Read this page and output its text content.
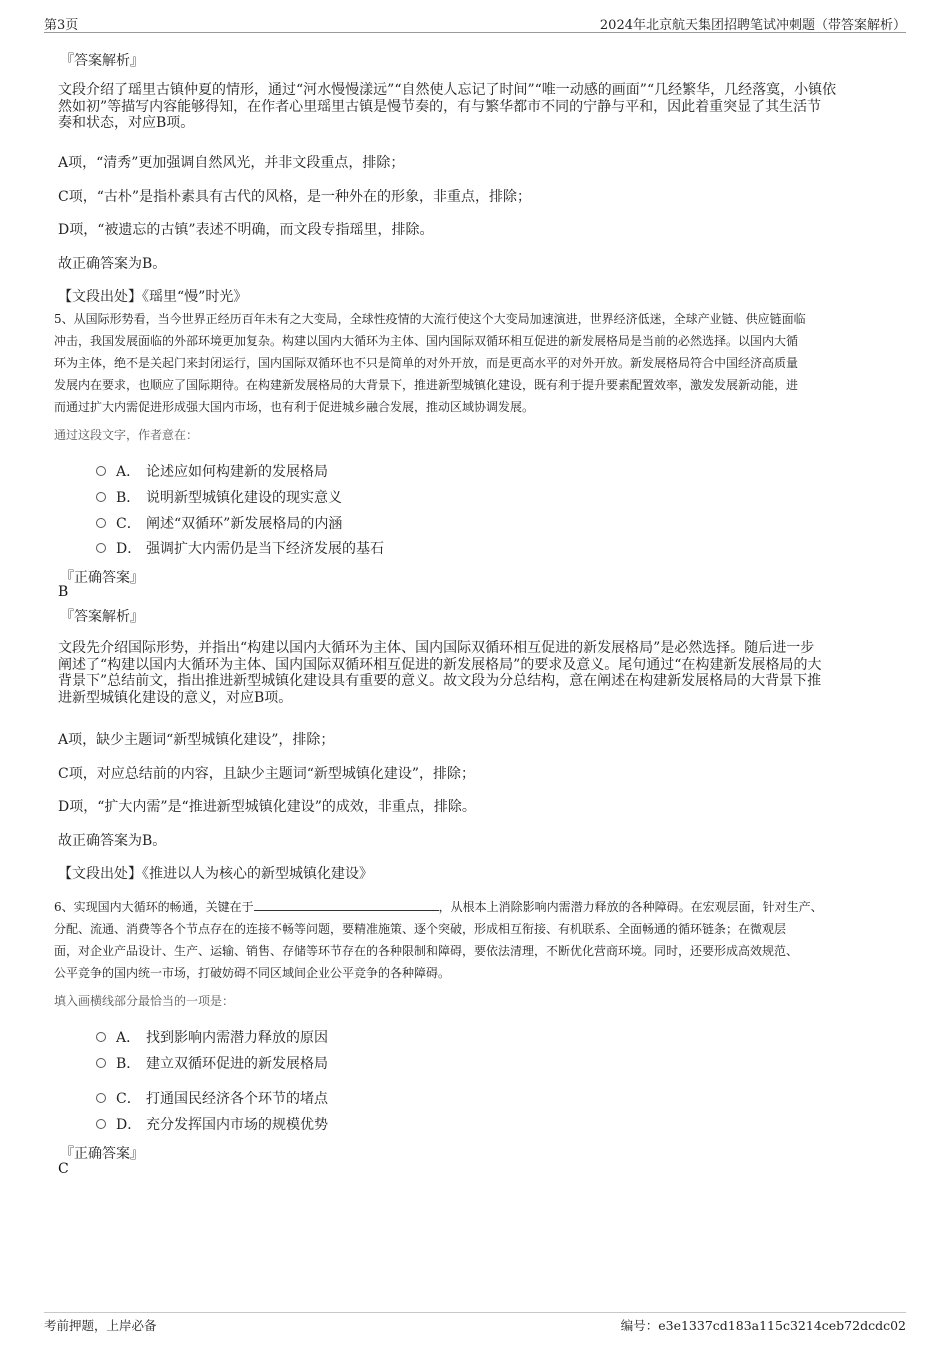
第3页	2024年北京航天集团招聘笔试冲刺题（带答案解析）
『答案解析』
文段介绍了瑶里古镇仲夏的情形，通过“河水慢慢漾远”“自然使人忘记了时间”“唯一动感的画面”“几经繁华，几经落寞，小镇依
然如初”等描写内容能够得知，在作者心里瑶里古镇是慢节奏的，有与繁华都市不同的宁静与平和，因此着重突显了其生活节
奏和状态，对应B项。
A项，“清秀”更加强调自然风光，并非文段重点，排除；
C项，“古朴”是指朴素具有古代的风格，是一种外在的形象，非重点，排除；
D项，“被遗忘的古镇”表述不明确，而文段专指瑶里，排除。
故正确答案为B。
【文段出处】《瑶里“慢”时光》
5、从国际形势看，当今世界正经历百年未有之大变局，全球性疫情的大流行使这个大变局加速演进，世界经济低迷，全球产业链、供应链面临
冲击，我国发展面临的外部环境更加复杂。构建以国内大循环为主体、国内国际双循环相互促进的新发展格局是当前的必然选择。以国内大循
环为主体，绝不是关起门来封闭运行，国内国际双循环也不只是简单的对外开放，而是更高水平的对外开放。新发展格局符合中国经济高质量
发展内在要求，也顺应了国际期待。在构建新发展格局的大背景下，推进新型城镇化建设，既有利于提升要素配置效率，激发发展新动能，进
而通过扩大内需促进形成强大国内市场，也有利于促进城乡融合发展，推动区域协调发展。
通过这段文字，作者意在：
A． 论述应如何构建新的发展格局
B． 说明新型城镇化建设的现实意义
C． 阐述“双循环”新发展格局的内涵
D． 强调扩大内需仍是当下经济发展的基石
『正确答案』
B
『答案解析』
文段先介绍国际形势，并指出“构建以国内大循环为主体、国内国际双循环相互促进的新发展格局”是必然选择。随后进一步
阐述了“构建以国内大循环为主体、国内国际双循环相互促进的新发展格局”的要求及意义。尾句通过“在构建新发展格局的大
背景下”总结前文，指出推进新型城镇化建设具有重要的意义。故文段为分总结构，意在阐述在构建新发展格局的大背景下推
进新型城镇化建设的意义，对应B项。
A项，缺少主题词“新型城镇化建设”，排除；
C项，对应总结前的内容，且缺少主题词“新型城镇化建设”，排除；
D项，“扩大内需”是“推进新型城镇化建设”的成效，非重点，排除。
故正确答案为B。
【文段出处】《推进以人为核心的新型城镇化建设》
6、实现国内大循环的畅通，关键在于	，从根本上消除影响内需潜力释放的各种障碍。在宏观层面，针对生产、
分配、流通、消费等各个节点存在的连接不畅等问题，要精准施策、逐个突破，形成相互衔接、有机联系、全面畅通的循环链条；在微观层
面，对企业产品设计、生产、运输、销售、存储等环节存在的各种限制和障碍，要依法清理，不断优化营商环境。同时，还要形成高效规范、
公平竞争的国内统一市场，打破妨碍不同区域间企业公平竞争的各种障碍。
填入画横线部分最恰当的一项是：
A． 找到影响内需潜力释放的原因
B． 建立双循环促进的新发展格局
C． 打通国民经济各个环节的堵点
D． 充分发挥国内市场的规模优势
『正确答案』
C
考前押题，上岸必备	编号：e3e1337cd183a115c3214ceb72dcdc02
